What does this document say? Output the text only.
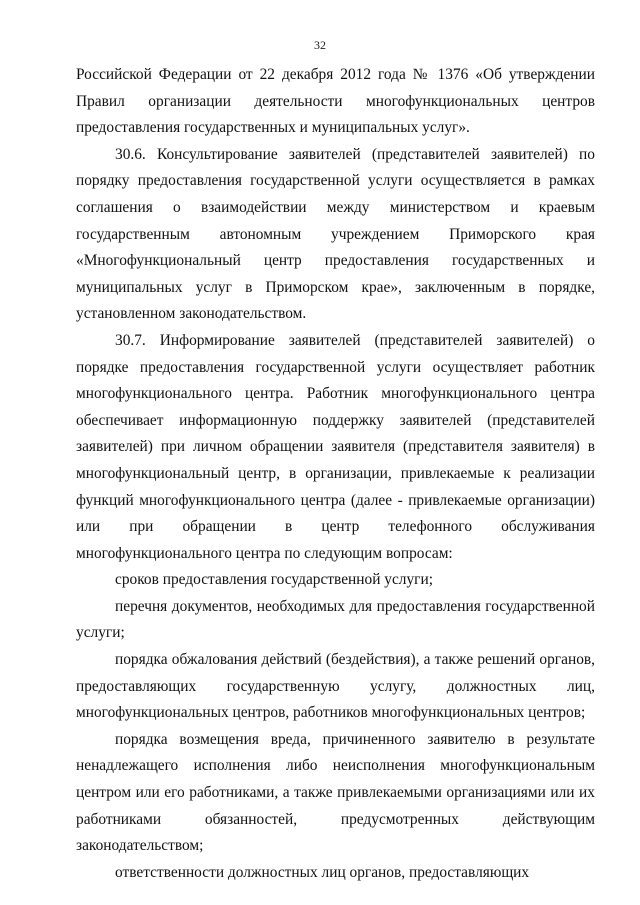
32

Российской Федерации от 22 декабря 2012 года № 1376 «Об утверждении Правил организации деятельности многофункциональных центров предоставления государственных и муниципальных услуг».

30.6. Консультирование заявителей (представителей заявителей) по порядку предоставления государственной услуги осуществляется в рамках соглашения о взаимодействии между министерством и краевым государственным автономным учреждением Приморского края «Многофункциональный центр предоставления государственных и муниципальных услуг в Приморском крае», заключенным в порядке, установленном законодательством.

30.7. Информирование заявителей (представителей заявителей) о порядке предоставления государственной услуги осуществляет работник многофункционального центра. Работник многофункционального центра обеспечивает информационную поддержку заявителей (представителей заявителей) при личном обращении заявителя (представителя заявителя) в многофункциональный центр, в организации, привлекаемые к реализации функций многофункционального центра (далее - привлекаемые организации) или при обращении в центр телефонного обслуживания многофункционального центра по следующим вопросам:

сроков предоставления государственной услуги;

перечня документов, необходимых для предоставления государственной услуги;

порядка обжалования действий (бездействия), а также решений органов, предоставляющих государственную услугу, должностных лиц, многофункциональных центров, работников многофункциональных центров;

порядка возмещения вреда, причиненного заявителю в результате ненадлежащего исполнения либо неисполнения многофункциональным центром или его работниками, а также привлекаемыми организациями или их работниками обязанностей, предусмотренных действующим законодательством;

ответственности должностных лиц органов, предоставляющих
